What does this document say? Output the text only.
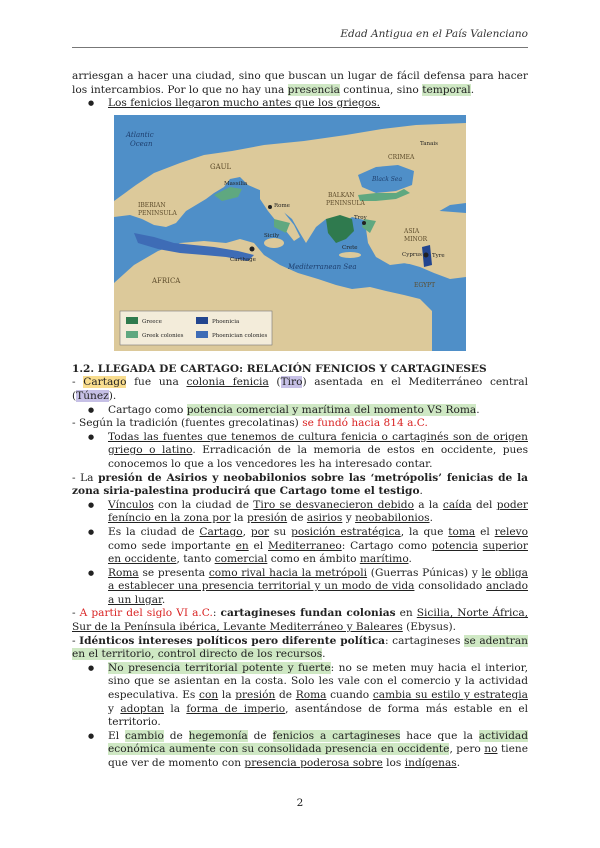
Edad Antigua en el País Valenciano

arriesgan a hacer una ciudad, sino que buscan un lugar de fácil defensa para hacer los intercambios. Por lo que no hay una presencia continua, sino temporal.

● Los fenicios llegaron mucho antes que los griegos.

Atlantic
Ocean
GAUL
IBERIAN
PENINSULA
AFRICA
BALKAN
PENINSULA
CRIMEA
Black Sea
ASIA
MINOR
Mediterranean Sea
EGYPT
Carthage
Tyre
Troy
Tanais
Sicily
Rome
Massilia
Crete
Cyprus
Greece
Greek colonies
Phoenicia
Phoenician colonies

1.2. LLEGADA DE CARTAGO: RELACIÓN FENICIOS Y CARTAGINESES

- Cartago fue una colonia fenicia (Tiro) asentada en el Mediterráneo central (Túnez).

● Cartago como potencia comercial y marítima del momento VS Roma.

- Según la tradición (fuentes grecolatinas) se fundó hacia 814 a.C.

● Todas las fuentes que tenemos de cultura fenicia o cartaginés son de origen griego o latino. Erradicación de la memoria de estos en occidente, pues conocemos lo que a los vencedores les ha interesado contar.

- La presión de Asirios y neobabilonios sobre las ‘metrópolis’ fenicias de la zona siria-palestina producirá que Cartago tome el testigo.

● Vínculos con la ciudad de Tiro se desvanecieron debido a la caída del poder feníncio en la zona por la presión de asirios y neobabilonios.

● Es la ciudad de Cartago, por su posición estratégica, la que toma el relevo como sede importante en el Mediterraneo: Cartago como potencia superior en occidente, tanto comercial como en ámbito marítimo.

● Roma se presenta como rival hacia la metrópoli (Guerras Púnicas) y le obliga a establecer una presencia territorial y un modo de vida consolidado anclado a un lugar.

- A partir del siglo VI a.C.: cartagineses fundan colonias en Sicilia, Norte África, Sur de la Península ibérica, Levante Mediterráneo y Baleares (Ebysus).

- Idénticos intereses políticos pero diferente política: cartagineses se adentran en el territorio, control directo de los recursos.

● No presencia territorial potente y fuerte: no se meten muy hacia el interior, sino que se asientan en la costa. Solo les vale con el comercio y la actividad especulativa. Es con la presión de Roma cuando cambia su estilo y estrategia y adoptan la forma de imperio, asentándose de forma más estable en el territorio.

● El cambio de hegemonía de fenicios a cartagineses hace que la actividad económica aumente con su consolidada presencia en occidente, pero no tiene que ver de momento con presencia poderosa sobre los indígenas.

2
